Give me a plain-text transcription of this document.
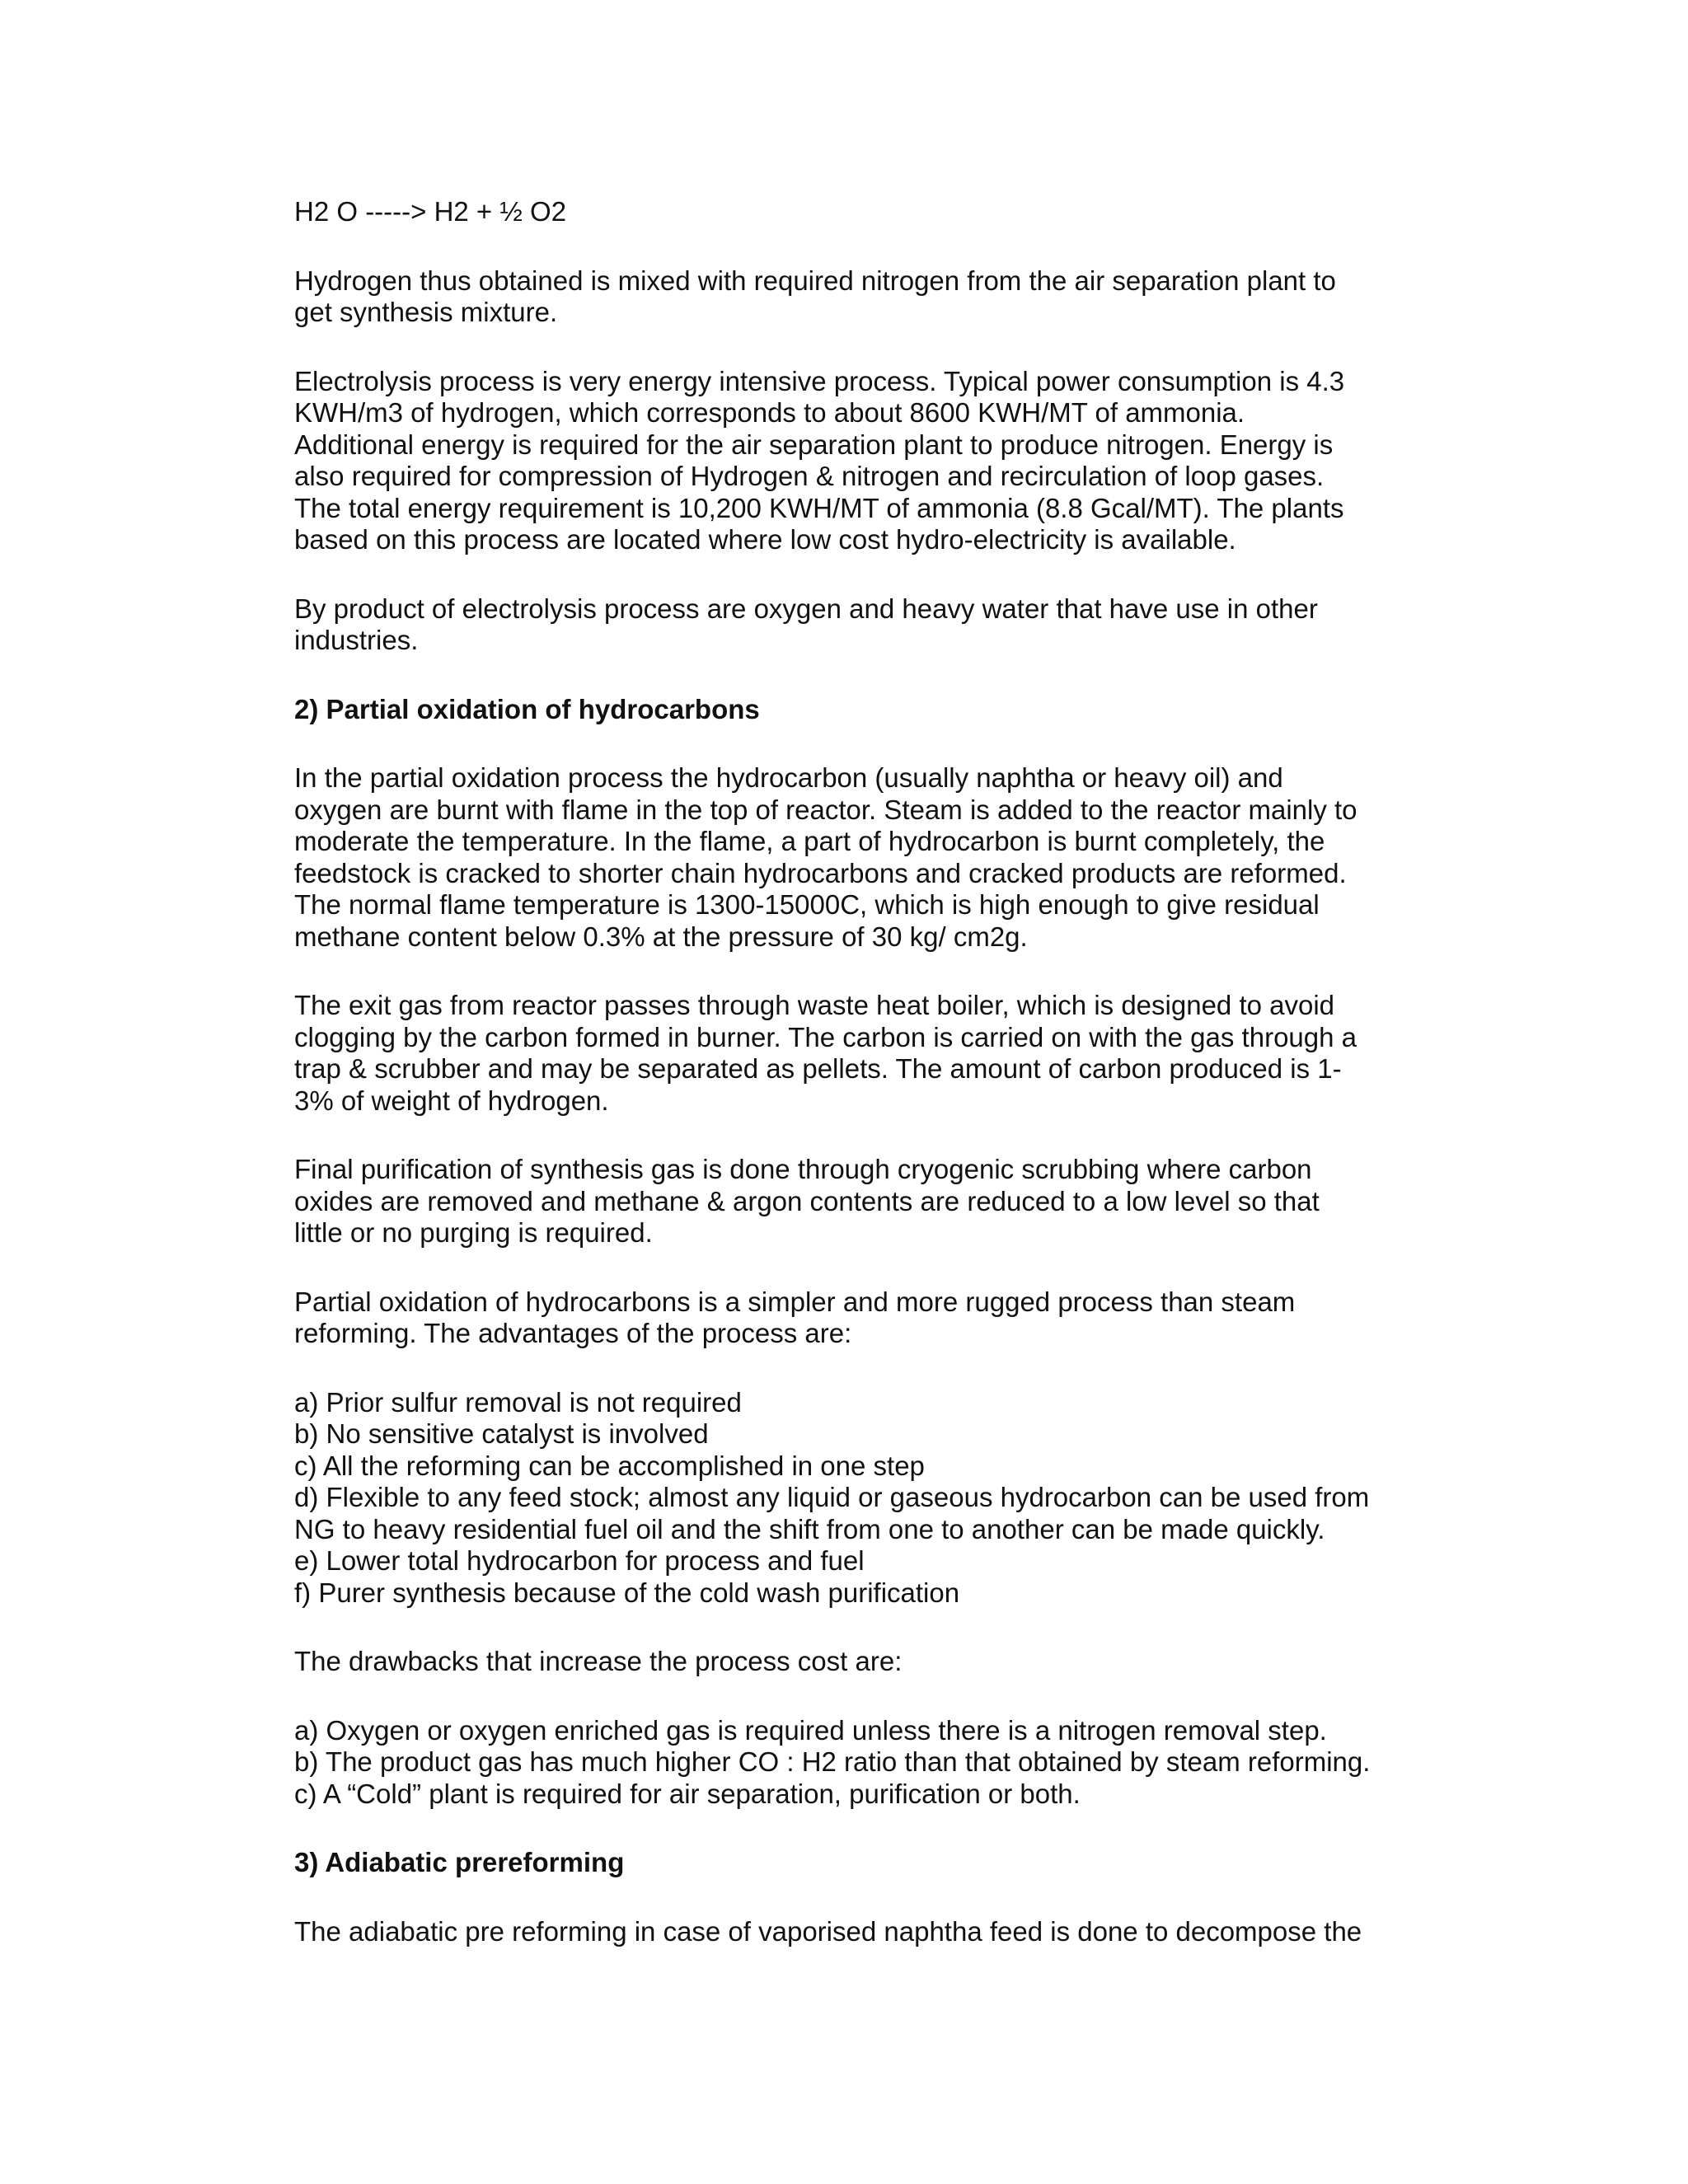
H2 O -----> H2 + ½ O2
Hydrogen thus obtained is mixed with required nitrogen from the air separation plant to
get synthesis mixture.
Electrolysis process is very energy intensive process. Typical power consumption is 4.3
KWH/m3 of hydrogen, which corresponds to about 8600 KWH/MT of ammonia.
Additional energy is required for the air separation plant to produce nitrogen. Energy is
also required for compression of Hydrogen & nitrogen and recirculation of loop gases.
The total energy requirement is 10,200 KWH/MT of ammonia (8.8 Gcal/MT). The plants
based on this process are located where low cost hydro-electricity is available.
By product of electrolysis process are oxygen and heavy water that have use in other
industries.
2) Partial oxidation of hydrocarbons
In the partial oxidation process the hydrocarbon (usually naphtha or heavy oil) and
oxygen are burnt with flame in the top of reactor. Steam is added to the reactor mainly to
moderate the temperature. In the flame, a part of hydrocarbon is burnt completely, the
feedstock is cracked to shorter chain hydrocarbons and cracked products are reformed.
The normal flame temperature is 1300-15000C, which is high enough to give residual
methane content below 0.3% at the pressure of 30 kg/ cm2g.
The exit gas from reactor passes through waste heat boiler, which is designed to avoid
clogging by the carbon formed in burner. The carbon is carried on with the gas through a
trap & scrubber and may be separated as pellets. The amount of carbon produced is 1-
3% of weight of hydrogen.
Final purification of synthesis gas is done through cryogenic scrubbing where carbon
oxides are removed and methane & argon contents are reduced to a low level so that
little or no purging is required.
Partial oxidation of hydrocarbons is a simpler and more rugged process than steam
reforming. The advantages of the process are:
a) Prior sulfur removal is not required
b) No sensitive catalyst is involved
c) All the reforming can be accomplished in one step
d) Flexible to any feed stock; almost any liquid or gaseous hydrocarbon can be used from
NG to heavy residential fuel oil and the shift from one to another can be made quickly.
e) Lower total hydrocarbon for process and fuel
f) Purer synthesis because of the cold wash purification
The drawbacks that increase the process cost are:
a) Oxygen or oxygen enriched gas is required unless there is a nitrogen removal step.
b) The product gas has much higher CO : H2 ratio than that obtained by steam reforming.
c) A “Cold” plant is required for air separation, purification or both.
3) Adiabatic prereforming
The adiabatic pre reforming in case of vaporised naphtha feed is done to decompose the
